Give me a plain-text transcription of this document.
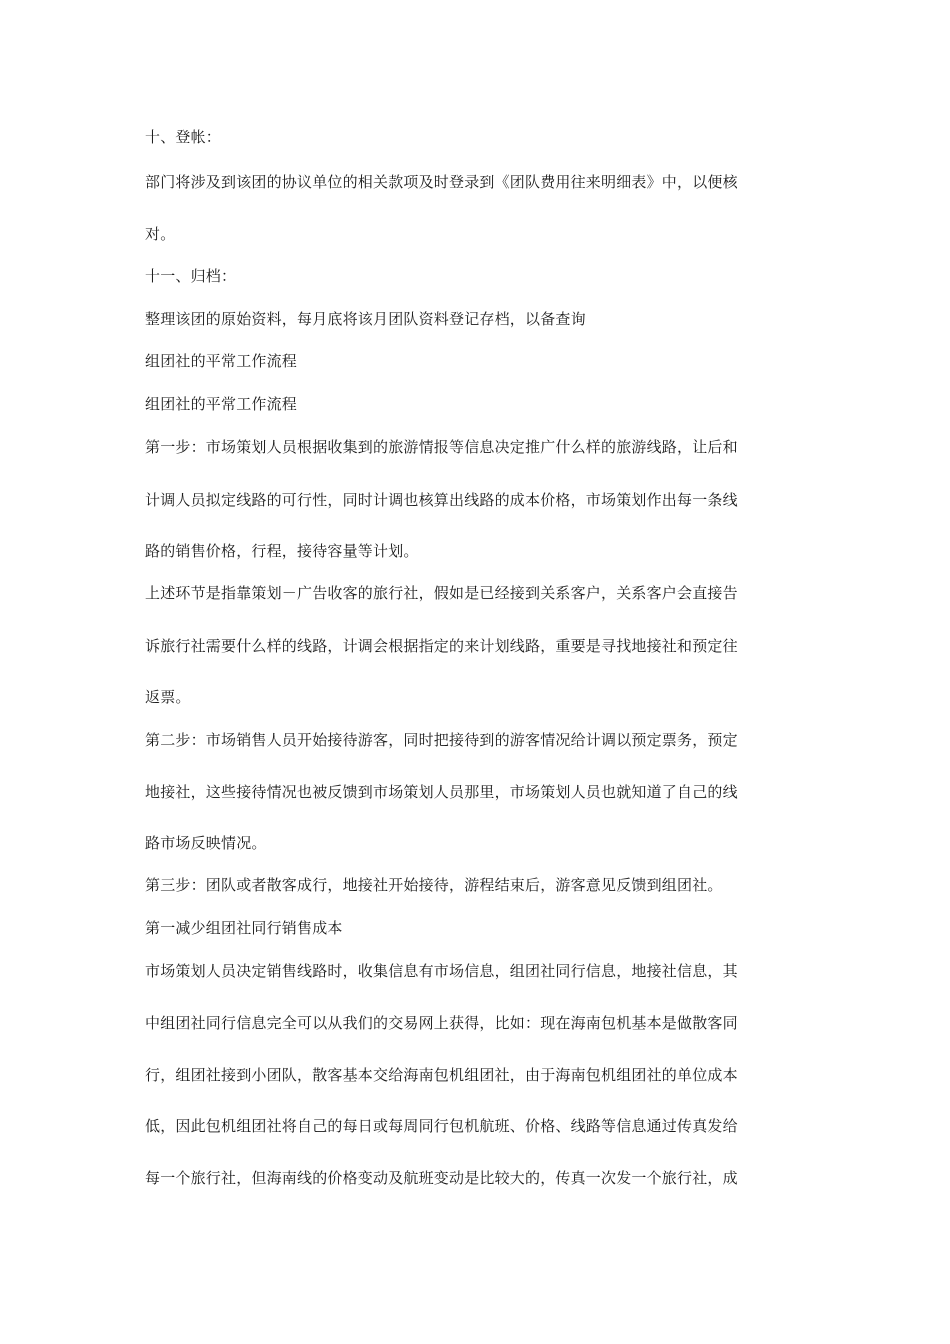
十、登帐：
部门将涉及到该团的协议单位的相关款项及时登录到《团队费用往来明细表》中，以便核
对。
十一、归档：
整理该团的原始资料，每月底将该月团队资料登记存档，以备查询
组团社的平常工作流程
组团社的平常工作流程
第一步：市场策划人员根据收集到的旅游情报等信息决定推广什么样的旅游线路，让后和
计调人员拟定线路的可行性，同时计调也核算出线路的成本价格，市场策划作出每一条线
路的销售价格，行程，接待容量等计划。
上述环节是指靠策划－广告收客的旅行社，假如是已经接到关系客户，关系客户会直接告
诉旅行社需要什么样的线路，计调会根据指定的来计划线路，重要是寻找地接社和预定往
返票。
第二步：市场销售人员开始接待游客，同时把接待到的游客情况给计调以预定票务，预定
地接社，这些接待情况也被反馈到市场策划人员那里，市场策划人员也就知道了自己的线
路市场反映情况。
第三步：团队或者散客成行，地接社开始接待，游程结束后，游客意见反馈到组团社。
第一减少组团社同行销售成本
市场策划人员决定销售线路时，收集信息有市场信息，组团社同行信息，地接社信息，其
中组团社同行信息完全可以从我们的交易网上获得，比如：现在海南包机基本是做散客同
行，组团社接到小团队，散客基本交给海南包机组团社，由于海南包机组团社的单位成本
低，因此包机组团社将自己的每日或每周同行包机航班、价格、线路等信息通过传真发给
每一个旅行社，但海南线的价格变动及航班变动是比较大的，传真一次发一个旅行社，成
